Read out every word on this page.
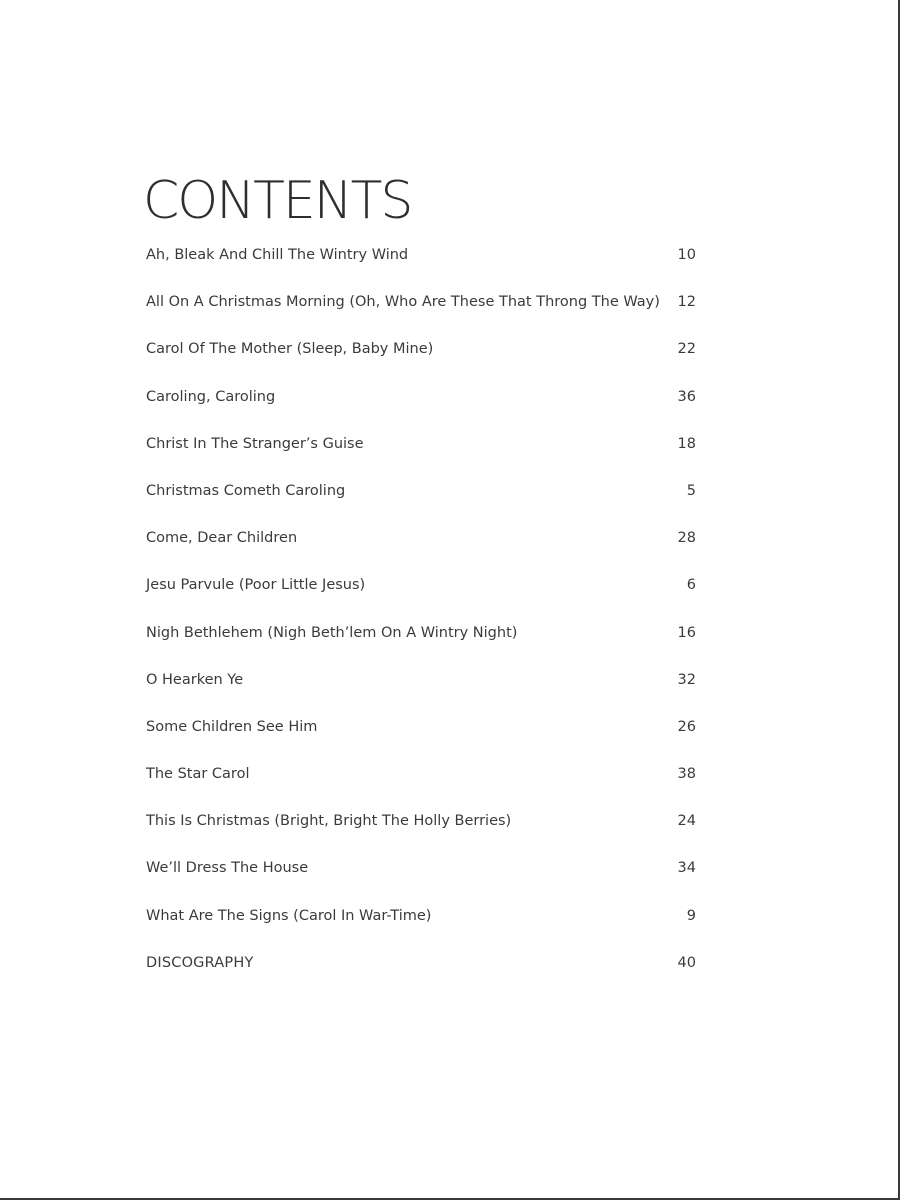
CONTENTS
Ah, Bleak And Chill The Wintry Wind	10
All On A Christmas Morning (Oh, Who Are These That Throng The Way) 12
Carol Of The Mother (Sleep, Baby Mine)	22
Caroling, Caroling	36
Christ In The Stranger’s Guise	18
Christmas Cometh Caroling	5
Come, Dear Children	28
Jesu Parvule (Poor Little Jesus)	6
Nigh Bethlehem (Nigh Beth’lem On A Wintry Night)	16
O Hearken Ye	32
Some Children See Him	26
The Star Carol	38
This Is Christmas (Bright, Bright The Holly Berries)	24
We’ll Dress The House	34
What Are The Signs (Carol In War-Time)	9
DISCOGRAPHY	40
